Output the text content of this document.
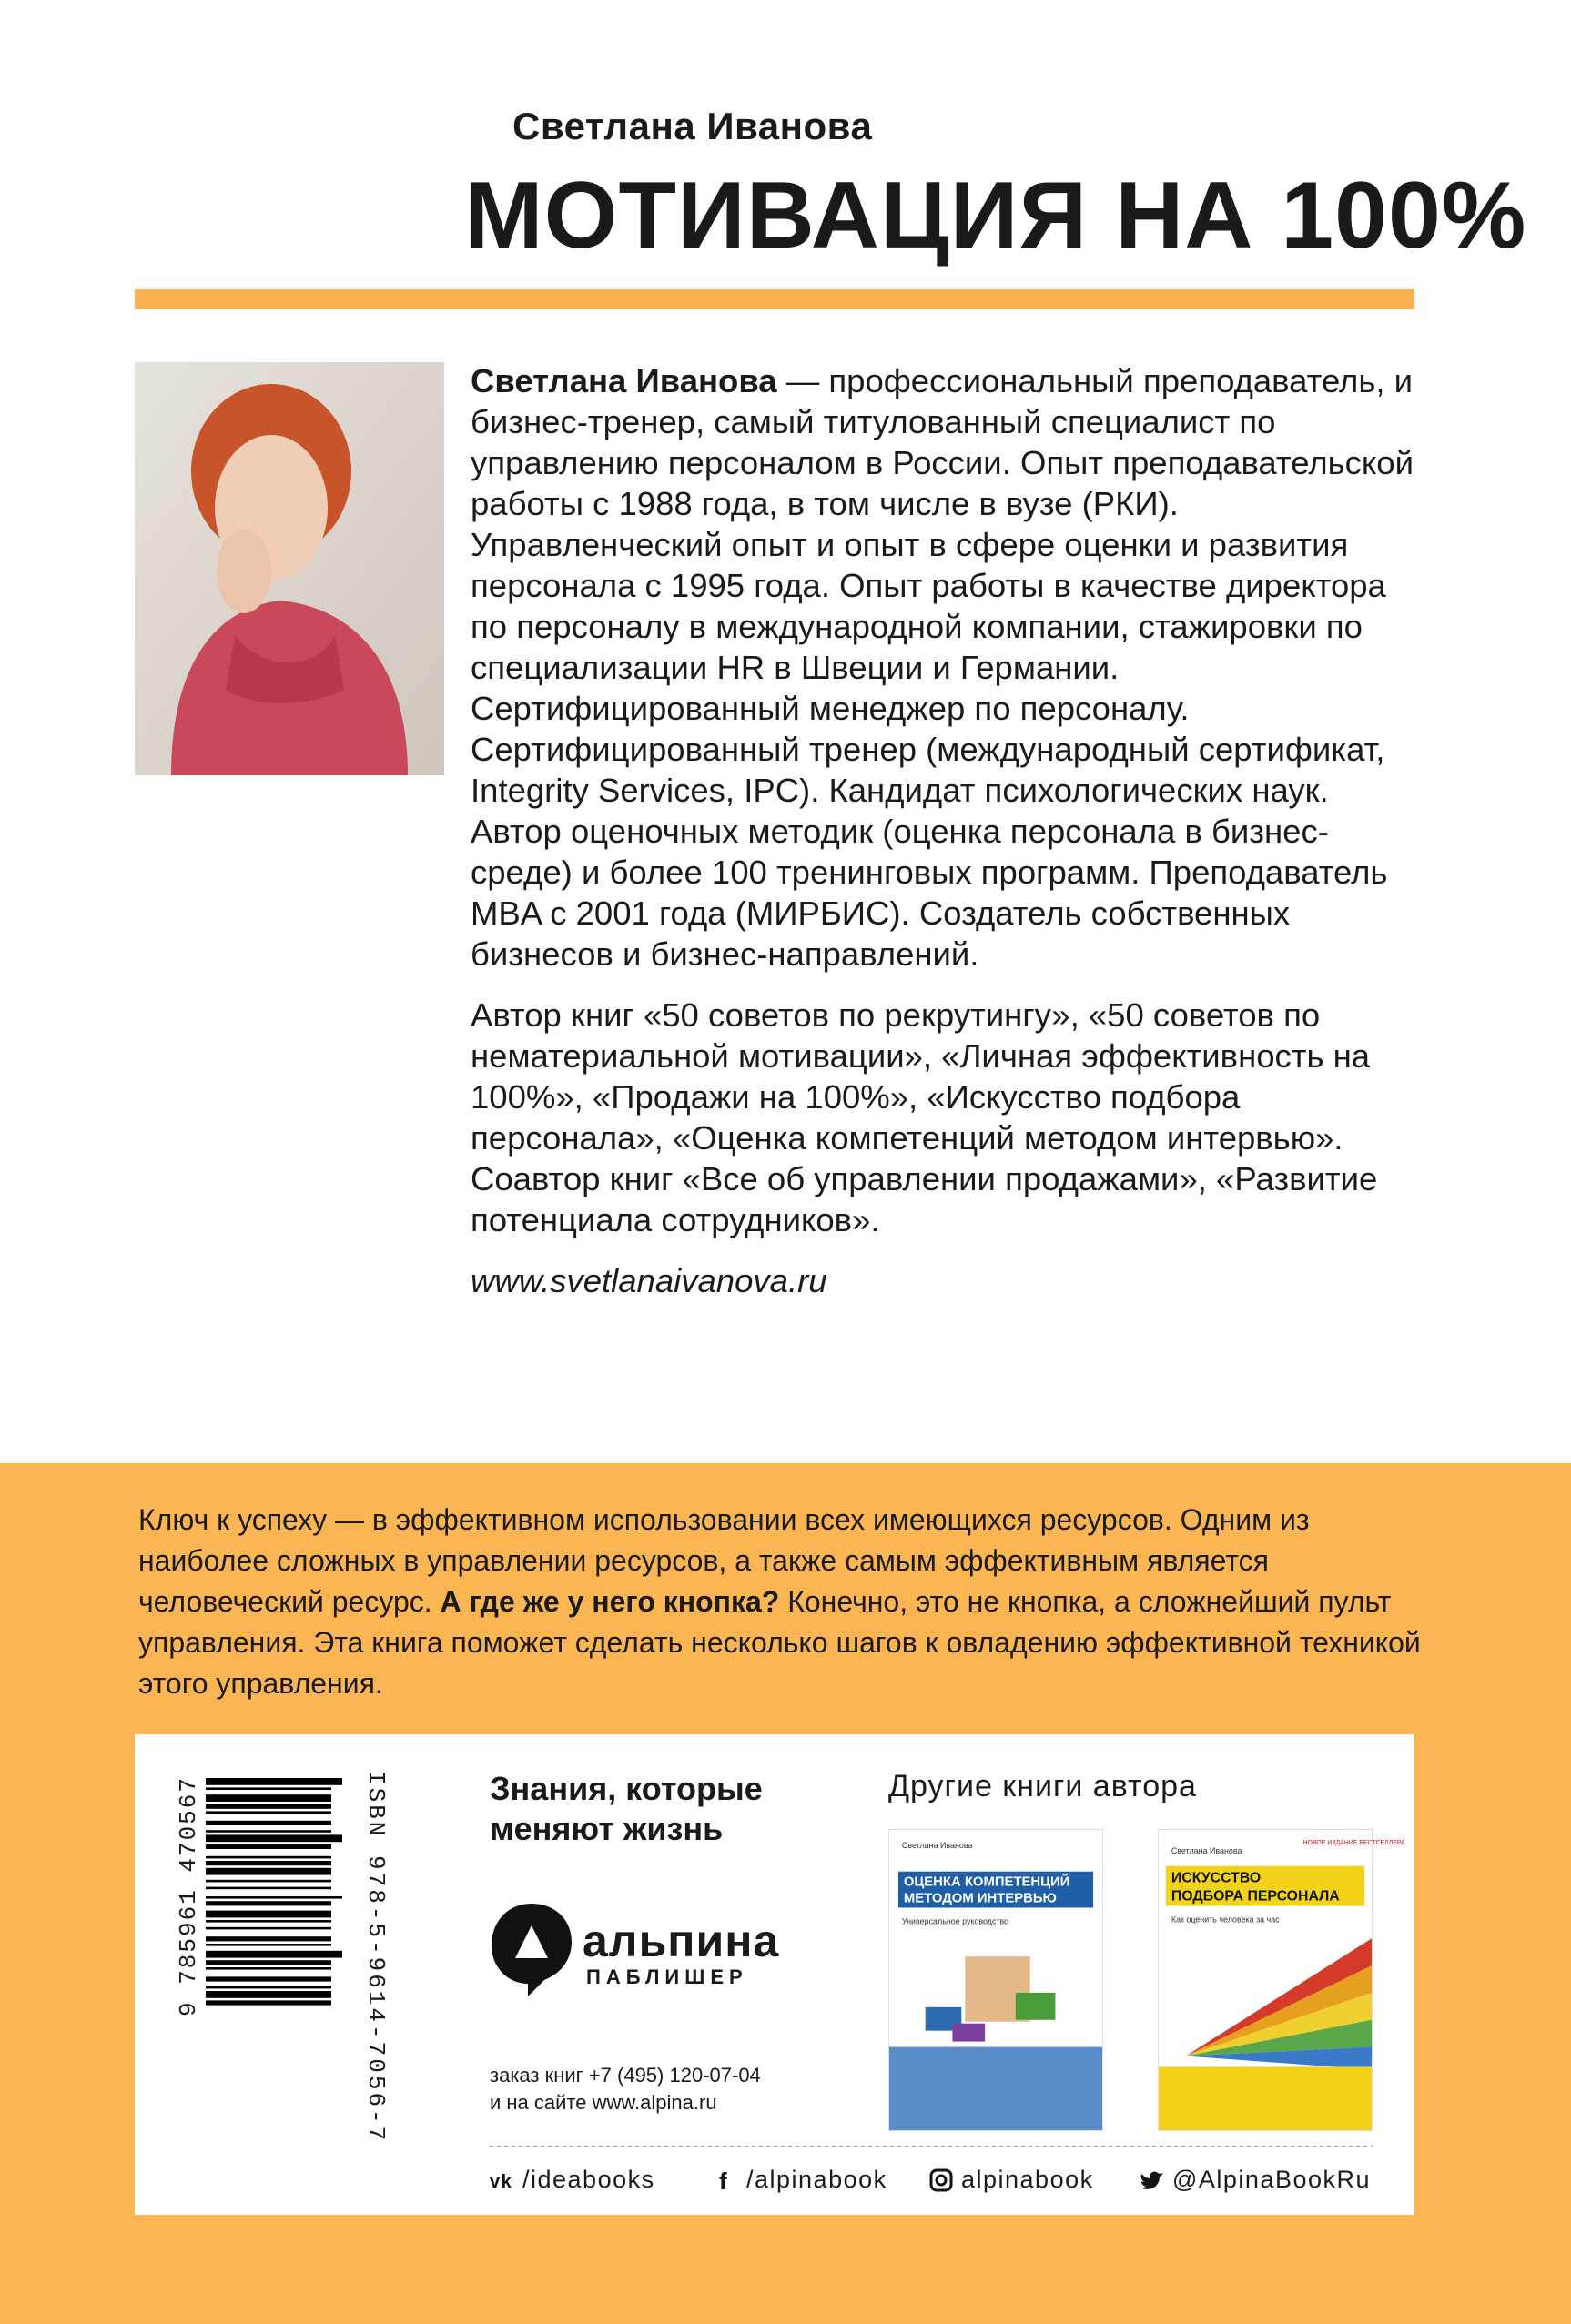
Светлана Иванова
МОТИВАЦИЯ НА 100%

Светлана Иванова — профессиональный преподаватель, и бизнес-тренер, самый титулованный специалист по управлению персоналом в России. Опыт преподавательской работы с 1988 года, в том числе в вузе (РКИ). Управленческий опыт и опыт в сфере оценки и развития персонала с 1995 года. Опыт работы в качестве директора по персоналу в международной компании, стажировки по специализации HR в Швеции и Германии. Сертифицированный менеджер по персоналу. Сертифицированный тренер (международный сертификат, Integrity Services, IPC). Кандидат психологических наук. Автор оценочных методик (оценка персонала в бизнес-среде) и более 100 тренинговых программ. Преподаватель MBA с 2001 года (МИРБИС). Создатель собственных бизнесов и бизнес-направлений.

Автор книг «50 советов по рекрутингу», «50 советов по нематериальной мотивации», «Личная эффективность на 100%», «Продажи на 100%», «Искусство подбора персонала», «Оценка компетенций методом интервью». Соавтор книг «Все об управлении продажами», «Развитие потенциала сотрудников».

www.svetlanaivanova.ru

Ключ к успеху — в эффективном использовании всех имеющихся ресурсов. Одним из наиболее сложных в управлении ресурсов, а также самым эффективным является человеческий ресурс. А где же у него кнопка? Конечно, это не кнопка, а сложнейший пульт управления. Эта книга поможет сделать несколько шагов к овладению эффективной техникой этого управления.
9 785961 470567	ISBN 978-5-9614-7056-7	Знания, которые меняют жизнь
альпина
ПАБЛИШЕР
заказ книг +7 (495) 120-07-04
и на сайте www.alpina.ru
Другие книги автора
Светлана Иванова
ОЦЕНКА КОМПЕТЕНЦИЙ
МЕТОДОМ ИНТЕРВЬЮ
Универсальное руководство
НОВОЕ ИЗДАНИЕ БЕСТСЕЛЛЕРА
Светлана Иванова
ИСКУССТВО
ПОДБОРА ПЕРСОНАЛА
Как оценить человека за час
vk /ideabooks	f /alpinabook	alpinabook	@AlpinaBookRu
